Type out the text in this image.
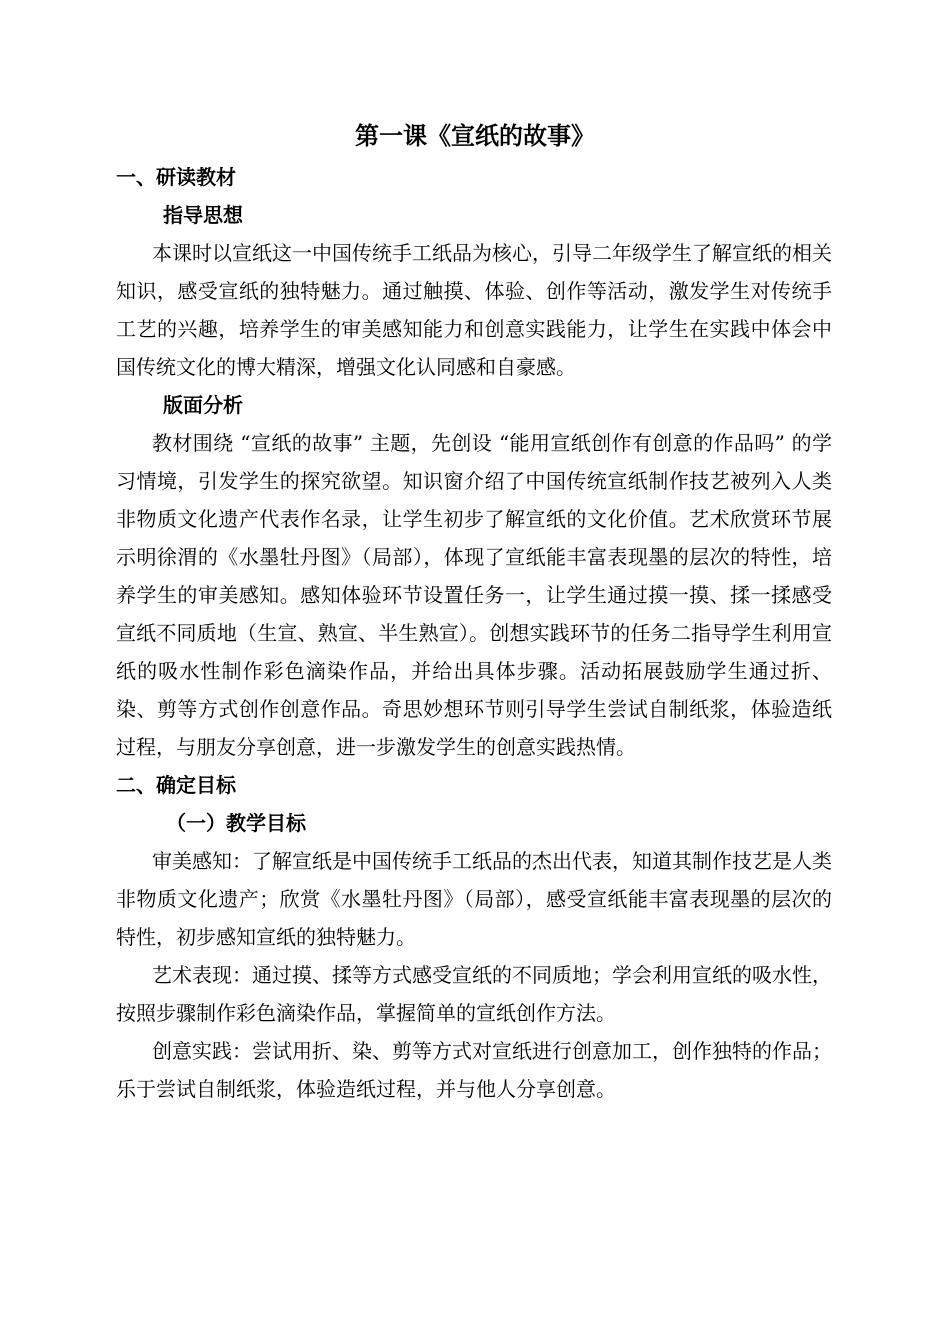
第一课《宣纸的故事》

一、研读教材

指导思想

本课时以宣纸这一中国传统手工纸品为核心，引导二年级学生了解宣纸的相关知识，感受宣纸的独特魅力。通过触摸、体验、创作等活动，激发学生对传统手工艺的兴趣，培养学生的审美感知能力和创意实践能力，让学生在实践中体会中国传统文化的博大精深，增强文化认同感和自豪感。

版面分析

教材围绕 “宣纸的故事” 主题，先创设 “能用宣纸创作有创意的作品吗” 的学习情境，引发学生的探究欲望。知识窗介绍了中国传统宣纸制作技艺被列入人类非物质文化遗产代表作名录，让学生初步了解宣纸的文化价值。艺术欣赏环节展示明徐渭的《水墨牡丹图》（局部），体现了宣纸能丰富表现墨的层次的特性，培养学生的审美感知。感知体验环节设置任务一，让学生通过摸一摸、揉一揉感受宣纸不同质地（生宣、熟宣、半生熟宣）。创想实践环节的任务二指导学生利用宣纸的吸水性制作彩色滴染作品，并给出具体步骤。活动拓展鼓励学生通过折、染、剪等方式创作创意作品。奇思妙想环节则引导学生尝试自制纸浆，体验造纸过程，与朋友分享创意，进一步激发学生的创意实践热情。

二、确定目标

（一）教学目标

审美感知：了解宣纸是中国传统手工纸品的杰出代表，知道其制作技艺是人类非物质文化遗产；欣赏《水墨牡丹图》（局部），感受宣纸能丰富表现墨的层次的特性，初步感知宣纸的独特魅力。

艺术表现：通过摸、揉等方式感受宣纸的不同质地；学会利用宣纸的吸水性，按照步骤制作彩色滴染作品，掌握简单的宣纸创作方法。

创意实践：尝试用折、染、剪等方式对宣纸进行创意加工，创作独特的作品；乐于尝试自制纸浆，体验造纸过程，并与他人分享创意。
